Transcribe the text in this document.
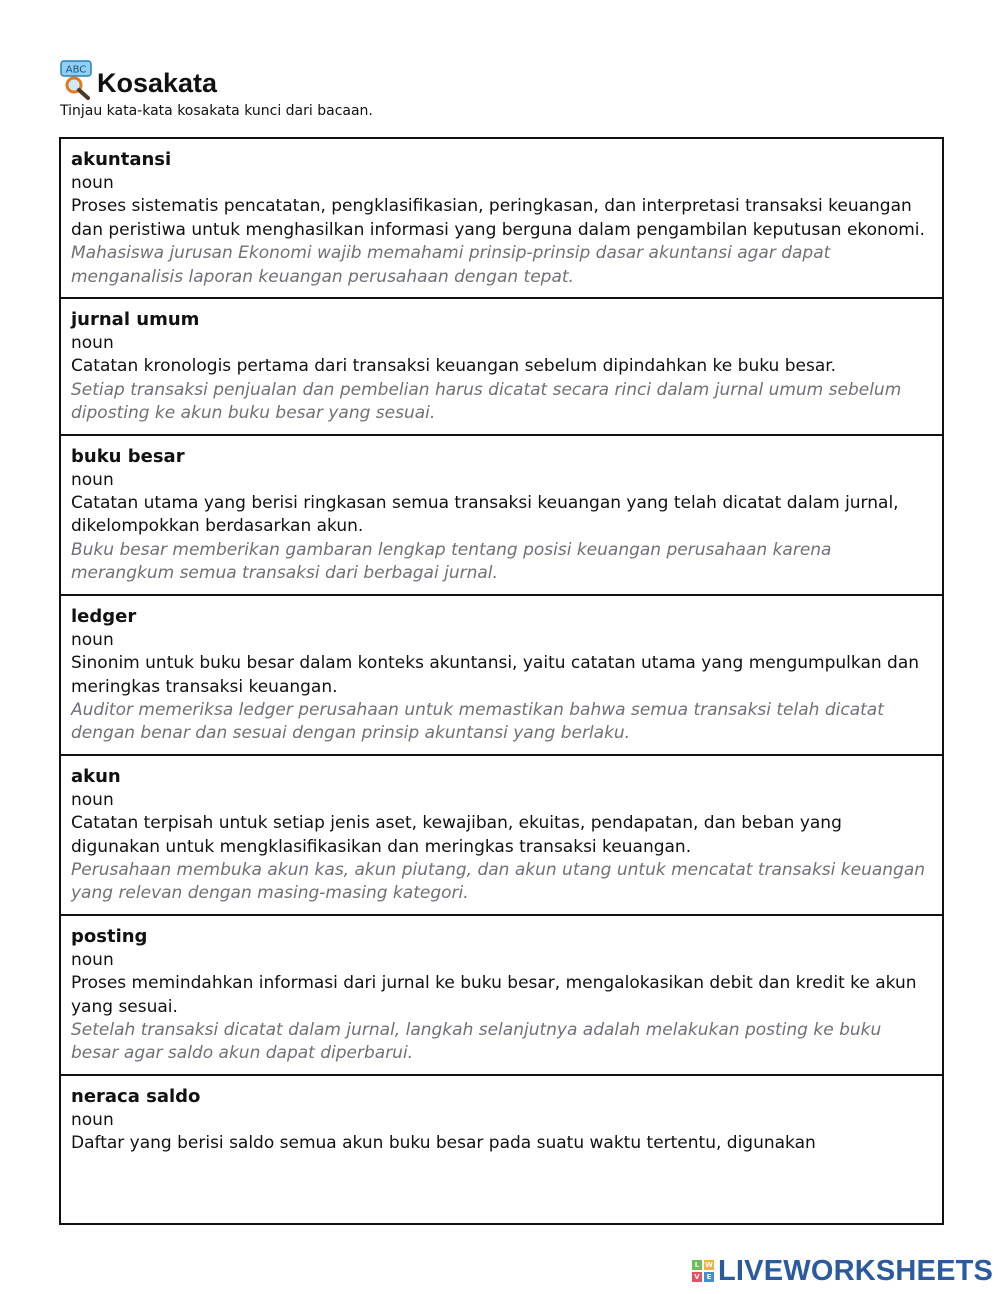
ABC Kosakata
Tinjau kata-kata kosakata kunci dari bacaan.
akuntansi
noun
Proses sistematis pencatatan, pengklasifikasian, peringkasan, dan interpretasi transaksi keuangan dan peristiwa untuk menghasilkan informasi yang berguna dalam pengambilan keputusan ekonomi.
Mahasiswa jurusan Ekonomi wajib memahami prinsip-prinsip dasar akuntansi agar dapat menganalisis laporan keuangan perusahaan dengan tepat.
jurnal umum
noun
Catatan kronologis pertama dari transaksi keuangan sebelum dipindahkan ke buku besar.
Setiap transaksi penjualan dan pembelian harus dicatat secara rinci dalam jurnal umum sebelum diposting ke akun buku besar yang sesuai.
buku besar
noun
Catatan utama yang berisi ringkasan semua transaksi keuangan yang telah dicatat dalam jurnal, dikelompokkan berdasarkan akun.
Buku besar memberikan gambaran lengkap tentang posisi keuangan perusahaan karena merangkum semua transaksi dari berbagai jurnal.
ledger
noun
Sinonim untuk buku besar dalam konteks akuntansi, yaitu catatan utama yang mengumpulkan dan meringkas transaksi keuangan.
Auditor memeriksa ledger perusahaan untuk memastikan bahwa semua transaksi telah dicatat dengan benar dan sesuai dengan prinsip akuntansi yang berlaku.
akun
noun
Catatan terpisah untuk setiap jenis aset, kewajiban, ekuitas, pendapatan, dan beban yang digunakan untuk mengklasifikasikan dan meringkas transaksi keuangan.
Perusahaan membuka akun kas, akun piutang, dan akun utang untuk mencatat transaksi keuangan yang relevan dengan masing-masing kategori.
posting
noun
Proses memindahkan informasi dari jurnal ke buku besar, mengalokasikan debit dan kredit ke akun yang sesuai.
Setelah transaksi dicatat dalam jurnal, langkah selanjutnya adalah melakukan posting ke buku besar agar saldo akun dapat diperbarui.
neraca saldo
noun
Daftar yang berisi saldo semua akun buku besar pada suatu waktu tertentu, digunakan
L W
V E LIVEWORKSHEETS
